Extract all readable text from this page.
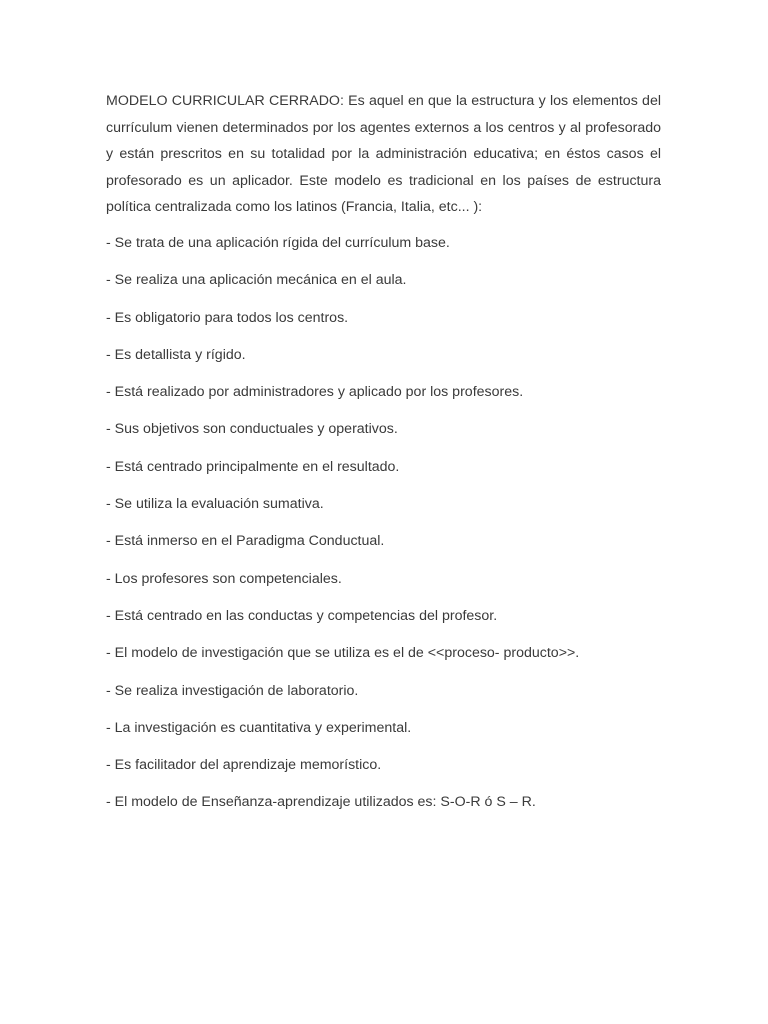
MODELO CURRICULAR CERRADO: Es aquel en que la estructura y los elementos del currículum vienen determinados por los agentes externos a los centros y al profesorado y están prescritos en su totalidad por la administración educativa; en éstos casos el profesorado es un aplicador. Este modelo es tradicional en los países de estructura política centralizada como los latinos (Francia, Italia, etc... ):

- Se trata de una aplicación rígida del currículum base.
- Se realiza una aplicación mecánica en el aula.
- Es obligatorio para todos los centros.
- Es detallista y rígido.
- Está realizado por administradores y aplicado por los profesores.
- Sus objetivos son conductuales y operativos.
- Está centrado principalmente en el resultado.
- Se utiliza la evaluación sumativa.
- Está inmerso en el Paradigma Conductual.
- Los profesores son competenciales.
- Está centrado en las conductas y competencias del profesor.
- El modelo de investigación que se utiliza es el de <<proceso- producto>>.
- Se realiza investigación de laboratorio.
- La investigación es cuantitativa y experimental.
- Es facilitador del aprendizaje memorístico.
- El modelo de Enseñanza-aprendizaje utilizados es: S-O-R ó S – R.
